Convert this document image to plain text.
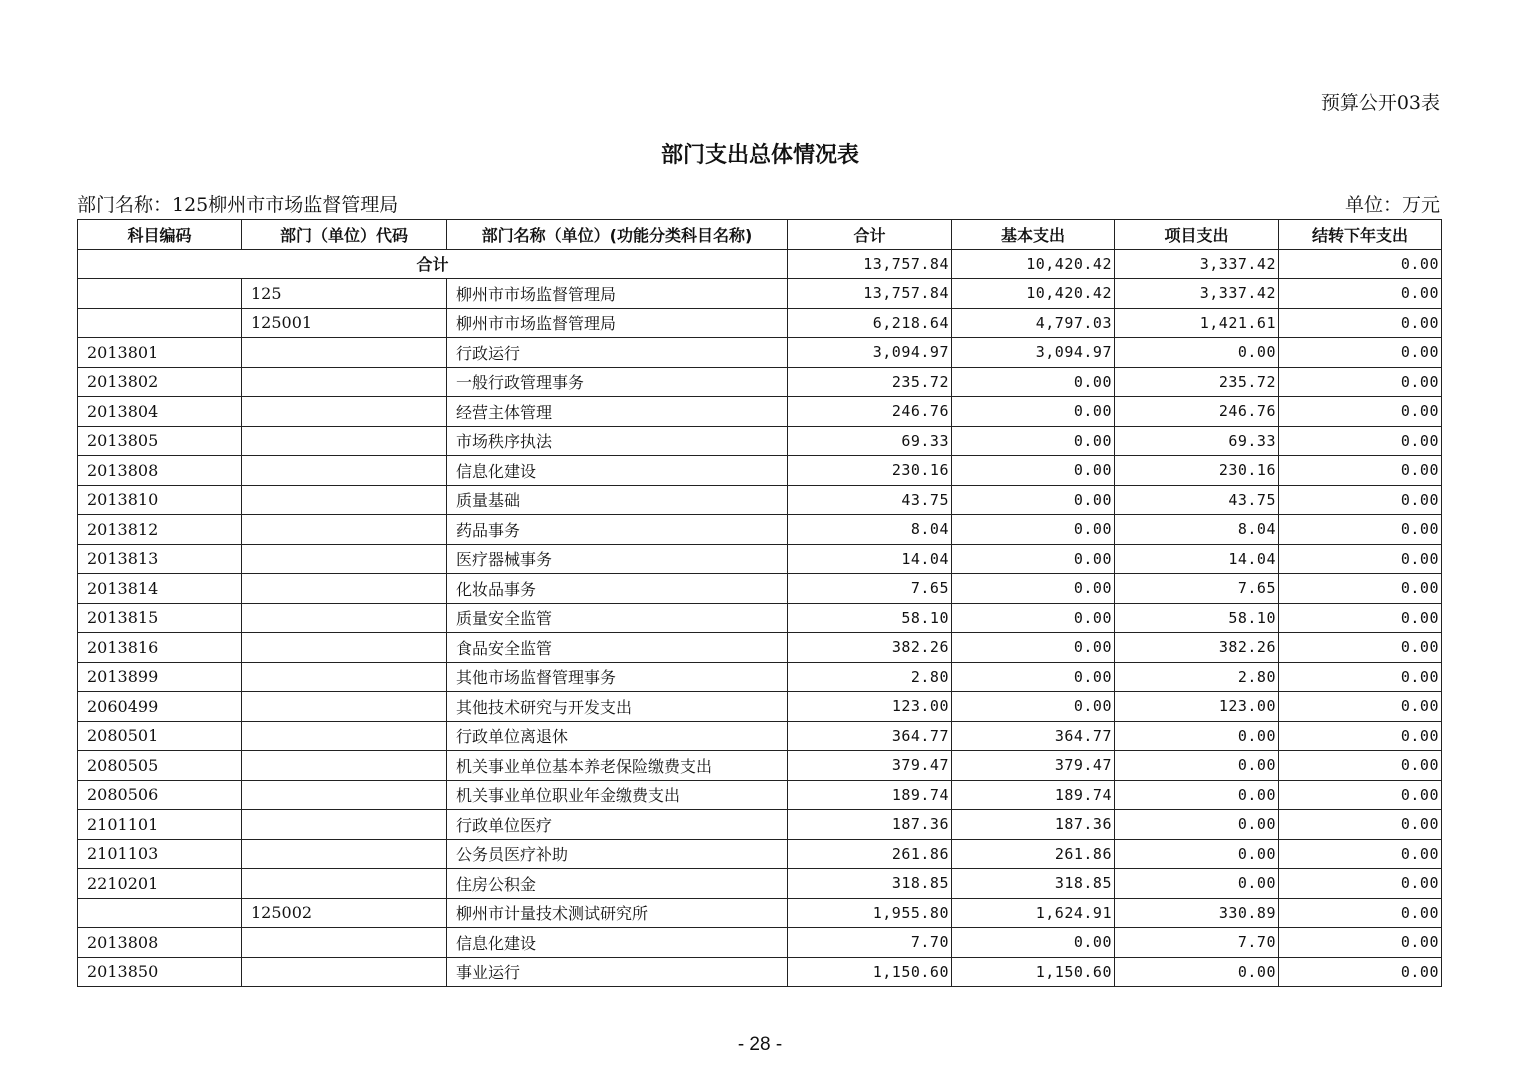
预算公开03表
部门支出总体情况表
部门名称：125柳州市市场监督管理局	单位：万元
科目编码	部门（单位）代码	部门名称（单位）(功能分类科目名称)	合计	基本支出	项目支出	结转下年支出
合计			13,757.84	10,420.42	3,337.42	0.00
	125	柳州市市场监督管理局	13,757.84	10,420.42	3,337.42	0.00
	125001	柳州市市场监督管理局	6,218.64	4,797.03	1,421.61	0.00
2013801		行政运行	3,094.97	3,094.97	0.00	0.00
2013802		一般行政管理事务	235.72	0.00	235.72	0.00
2013804		经营主体管理	246.76	0.00	246.76	0.00
2013805		市场秩序执法	69.33	0.00	69.33	0.00
2013808		信息化建设	230.16	0.00	230.16	0.00
2013810		质量基础	43.75	0.00	43.75	0.00
2013812		药品事务	8.04	0.00	8.04	0.00
2013813		医疗器械事务	14.04	0.00	14.04	0.00
2013814		化妆品事务	7.65	0.00	7.65	0.00
2013815		质量安全监管	58.10	0.00	58.10	0.00
2013816		食品安全监管	382.26	0.00	382.26	0.00
2013899		其他市场监督管理事务	2.80	0.00	2.80	0.00
2060499		其他技术研究与开发支出	123.00	0.00	123.00	0.00
2080501		行政单位离退休	364.77	364.77	0.00	0.00
2080505		机关事业单位基本养老保险缴费支出	379.47	379.47	0.00	0.00
2080506		机关事业单位职业年金缴费支出	189.74	189.74	0.00	0.00
2101101		行政单位医疗	187.36	187.36	0.00	0.00
2101103		公务员医疗补助	261.86	261.86	0.00	0.00
2210201		住房公积金	318.85	318.85	0.00	0.00
	125002	柳州市计量技术测试研究所	1,955.80	1,624.91	330.89	0.00
2013808		信息化建设	7.70	0.00	7.70	0.00
2013850		事业运行	1,150.60	1,150.60	0.00	0.00
- 28 -
